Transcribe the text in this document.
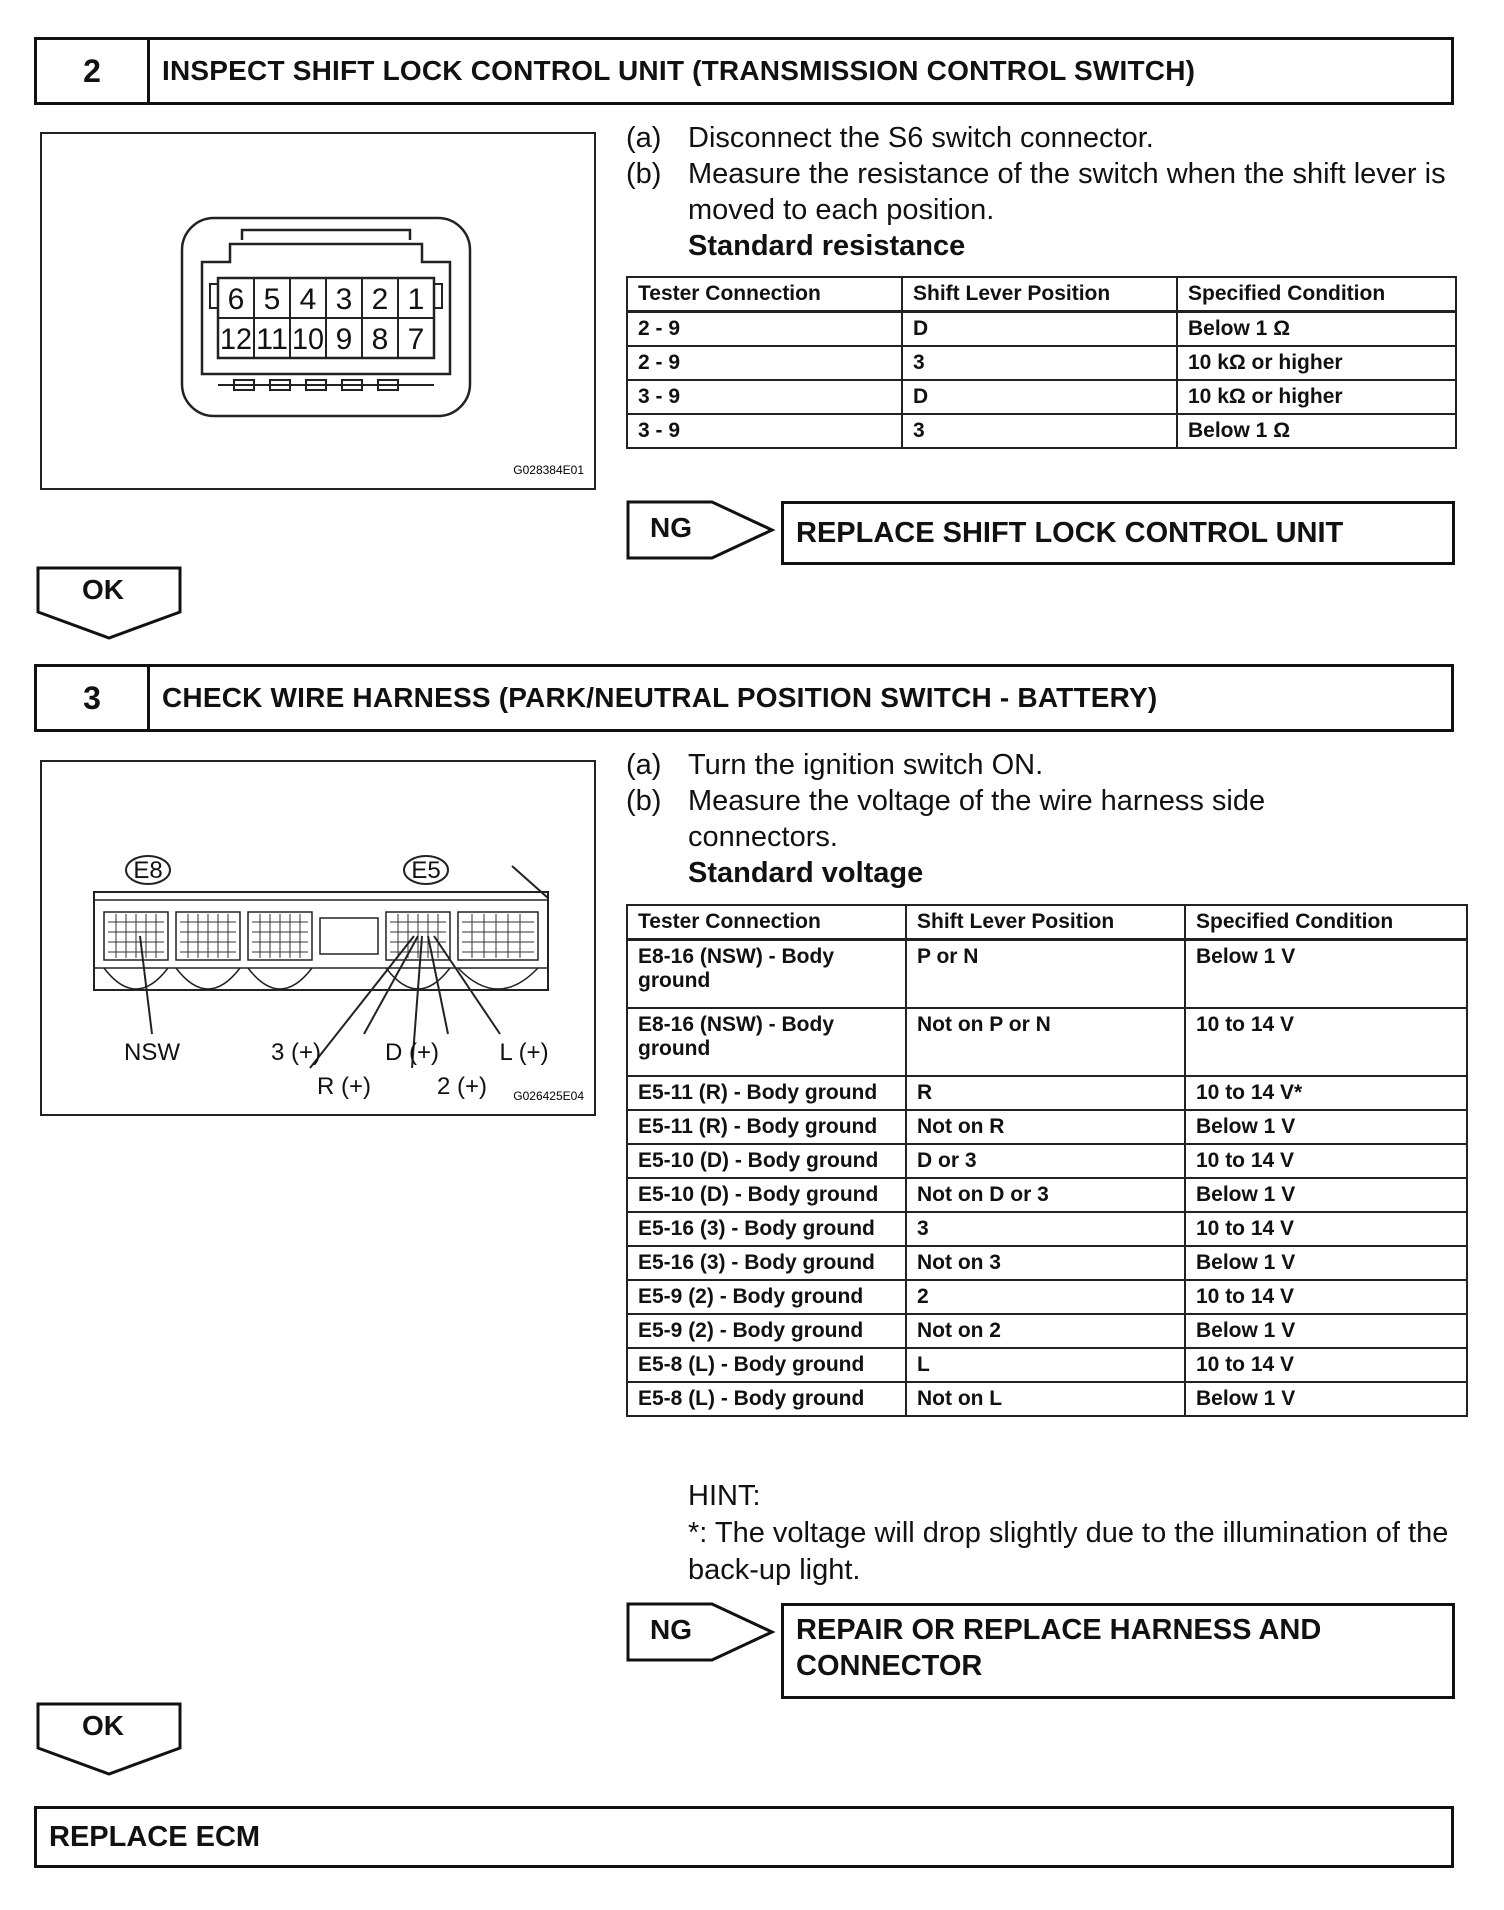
2	INSPECT SHIFT LOCK CONTROL UNIT (TRANSMISSION CONTROL SWITCH)
6 5 4 3 2 1
12 11 10 9 8 7
G028384E01
(a) Disconnect the S6 switch connector.
(b) Measure the resistance of the switch when the shift lever is moved to each position.
Standard resistance
Tester Connection	Shift Lever Position	Specified Condition
2 - 9	D	Below 1 Ω
2 - 9	3	10 kΩ or higher
3 - 9	D	10 kΩ or higher
3 - 9	3	Below 1 Ω
NG	REPLACE SHIFT LOCK CONTROL UNIT
OK
3	CHECK WIRE HARNESS (PARK/NEUTRAL POSITION SWITCH - BATTERY)
E8	E5
NSW	3 (+)	D (+)	L (+)
R (+)	2 (+) G026425E04
(a) Turn the ignition switch ON.
(b) Measure the voltage of the wire harness side connectors.
Standard voltage
Tester Connection	Shift Lever Position	Specified Condition
E8-16 (NSW) - Body ground	P or N	Below 1 V
E8-16 (NSW) - Body ground	Not on P or N	10 to 14 V
E5-11 (R) - Body ground	R	10 to 14 V*
E5-11 (R) - Body ground	Not on R	Below 1 V
E5-10 (D) - Body ground	D or 3	10 to 14 V
E5-10 (D) - Body ground	Not on D or 3	Below 1 V
E5-16 (3) - Body ground	3	10 to 14 V
E5-16 (3) - Body ground	Not on 3	Below 1 V
E5-9 (2) - Body ground	2	10 to 14 V
E5-9 (2) - Body ground	Not on 2	Below 1 V
E5-8 (L) - Body ground	L	10 to 14 V
E5-8 (L) - Body ground	Not on L	Below 1 V
HINT:
*: The voltage will drop slightly due to the illumination of the back-up light.
NG	REPAIR OR REPLACE HARNESS AND CONNECTOR
OK
REPLACE ECM
